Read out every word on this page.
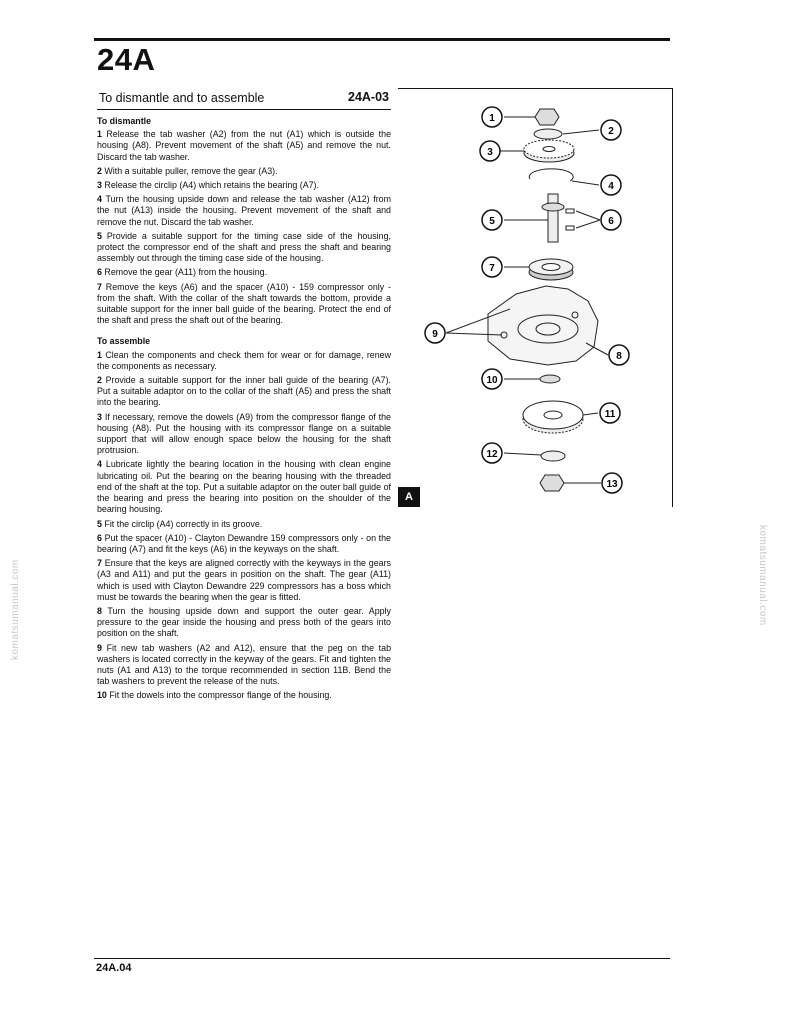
24A
To dismantle and to assemble	24A-03
To dismantle

1 Release the tab washer (A2) from the nut (A1) which is outside the housing (A8). Prevent movement of the shaft (A5) and remove the nut. Discard the tab washer.

2 With a suitable puller, remove the gear (A3).

3 Release the circlip (A4) which retains the bearing (A7).

4 Turn the housing upside down and release the tab washer (A12) from the nut (A13) inside the housing. Prevent movement of the shaft and remove the nut. Discard the tab washer.

5 Provide a suitable support for the timing case side of the housing, protect the compressor end of the shaft and press the shaft and bearing assembly out through the timing case side of the housing.

6 Remove the gear (A11) from the housing.

7 Remove the keys (A6) and the spacer (A10) - 159 compressor only - from the shaft. With the collar of the shaft towards the bottom, provide a suitable support for the inner ball guide of the bearing. Protect the end of the shaft and press the shaft out of the bearing.

To assemble

1 Clean the components and check them for wear or for damage, renew the components as necessary.

2 Provide a suitable support for the inner ball guide of the bearing (A7). Put a suitable adaptor on to the collar of the shaft (A5) and press the shaft into the bearing.

3 If necessary, remove the dowels (A9) from the compressor flange of the housing (A8). Put the housing with its compressor flange on a suitable support that will allow enough space below the housing for the shaft protrusion.

4 Lubricate lightly the bearing location in the housing with clean engine lubricating oil. Put the bearing on the bearing housing with the threaded end of the shaft at the top. Put a suitable adaptor on the outer ball guide of the bearing and press the bearing into position on the shoulder of the bearing housing.

5 Fit the circlip (A4) correctly in its groove.

6 Put the spacer (A10) - Clayton Dewandre 159 compressors only - on the bearing (A7) and fit the keys (A6) in the keyways on the shaft.

7 Ensure that the keys are aligned correctly with the keyways in the gears (A3 and A11) and put the gears in position on the shaft. The gear (A11) which is used with Clayton Dewandre 229 compressors has a boss which must be towards the bearing when the gear is fitted.

8 Turn the housing upside down and support the outer gear. Apply pressure to the gear inside the housing and press both of the gears into position on the shaft.

9 Fit new tab washers (A2 and A12), ensure that the peg on the tab washers is located correctly in the keyway of the gears. Fit and tighten the nuts (A1 and A13) to the torque recommended in section 11B. Bend the tab washers to prevent the release of the nuts.

10 Fit the dowels into the compressor flange of the housing.

1
2
3
4
5	6
7
8
9
10
11
12
13
A
komatsumanual.com	komatsumanual.com
24A.04
